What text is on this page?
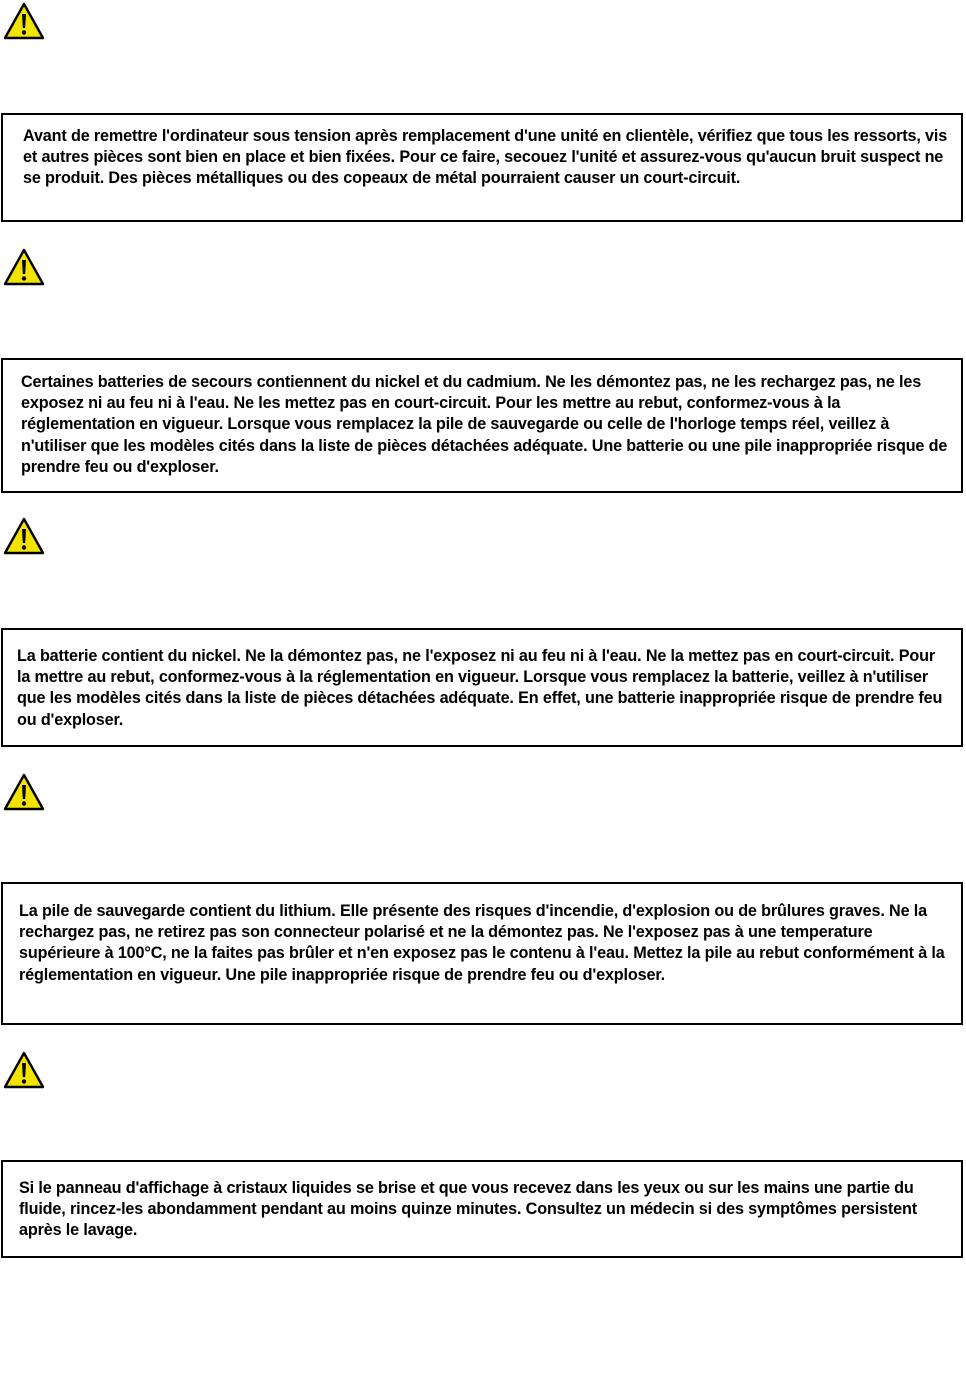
Avant de remettre l'ordinateur sous tension après remplacement d'une unité en clientèle, vérifiez que tous les ressorts, vis et autres pièces sont bien en place et bien fixées. Pour ce faire, secouez l'unité et assurez-vous qu'aucun bruit suspect ne se produit. Des pièces métalliques ou des copeaux de métal pourraient causer un court-circuit.

Certaines batteries de secours contiennent du nickel et du cadmium. Ne les démontez pas, ne les rechargez pas, ne les exposez ni au feu ni à l'eau. Ne les mettez pas en court-circuit. Pour les mettre au rebut, conformez-vous à la réglementation en vigueur. Lorsque vous remplacez la pile de sauvegarde ou celle de l'horloge temps réel, veillez à n'utiliser que les modèles cités dans la liste de pièces détachées adéquate. Une batterie ou une pile inappropriée risque de prendre feu ou d'exploser.

La batterie contient du nickel. Ne la démontez pas, ne l'exposez ni au feu ni à l'eau. Ne la mettez pas en court-circuit. Pour la mettre au rebut, conformez-vous à la réglementation en vigueur. Lorsque vous remplacez la batterie, veillez à n'utiliser que les modèles cités dans la liste de pièces détachées adéquate. En effet, une batterie inappropriée risque de prendre feu ou d'exploser.

La pile de sauvegarde contient du lithium. Elle présente des risques d'incendie, d'explosion ou de brûlures graves. Ne la rechargez pas, ne retirez pas son connecteur polarisé et ne la démontez pas. Ne l'exposez pas à une temperature supérieure à 100°C, ne la faites pas brûler et n'en exposez pas le contenu à l'eau. Mettez la pile au rebut conformément à la réglementation en vigueur. Une pile inappropriée risque de prendre feu ou d'exploser.

Si le panneau d'affichage à cristaux liquides se brise et que vous recevez dans les yeux ou sur les mains une partie du fluide, rincez-les abondamment pendant au moins quinze minutes. Consultez un médecin si des symptômes persistent après le lavage.
